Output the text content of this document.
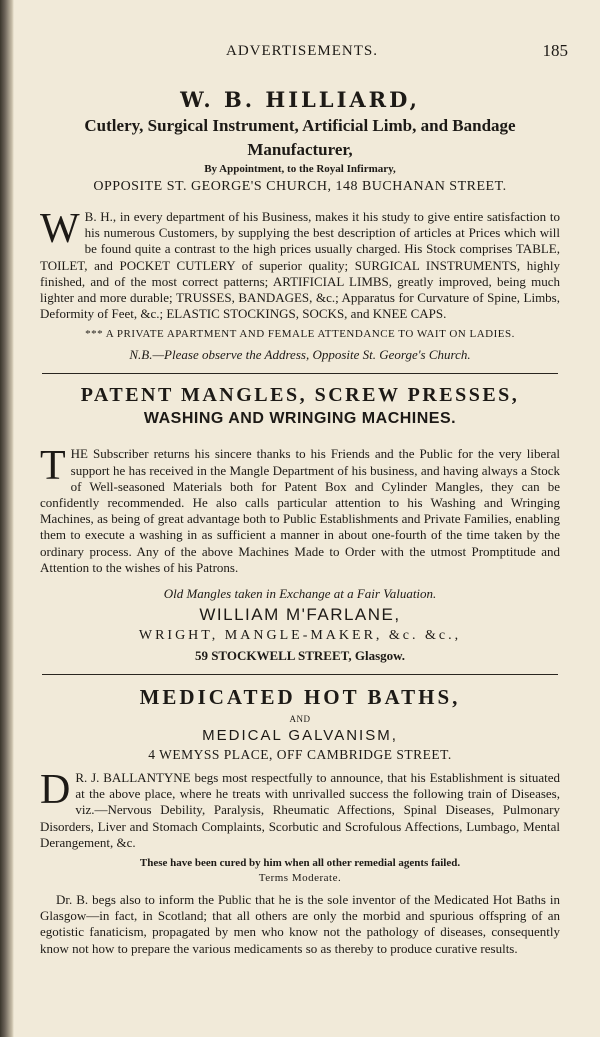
ADVERTISEMENTS.	185
W. B. HILLIARD,
Cutlery, Surgical Instrument, Artificial Limb, and Bandage
Manufacturer,
By Appointment, to the Royal Infirmary,
OPPOSITE ST. GEORGE'S CHURCH, 148 BUCHANAN STREET.
W B. H., in every department of his Business, makes it his study to give entire satisfaction to his numerous Customers, by supplying the best description of articles at Prices which will be found quite a contrast to the high prices usually charged. His Stock comprises TABLE, TOILET, and POCKET CUTLERY of superior quality; SURGICAL INSTRUMENTS, highly finished, and of the most correct patterns; ARTIFICIAL LIMBS, greatly improved, being much lighter and more durable; TRUSSES, BANDAGES, &c.; Apparatus for Curvature of Spine, Limbs, Deformity of Feet, &c.; ELASTIC STOCKINGS, SOCKS, and KNEE CAPS.
*** A PRIVATE APARTMENT AND FEMALE ATTENDANCE TO WAIT ON LADIES.
N.B.—Please observe the Address, Opposite St. George's Church.
PATENT MANGLES, SCREW PRESSES,
WASHING AND WRINGING MACHINES.
T HE Subscriber returns his sincere thanks to his Friends and the Public for the very liberal support he has received in the Mangle Department of his business, and having always a Stock of Well-seasoned Materials both for Patent Box and Cylinder Mangles, they can be confidently recommended. He also calls particular attention to his Washing and Wringing Machines, as being of great advantage both to Public Establishments and Private Families, enabling them to execute a washing in as sufficient a manner in about one-fourth of the time taken by the ordinary process. Any of the above Machines Made to Order with the utmost Promptitude and Attention to the wishes of his Patrons.
Old Mangles taken in Exchange at a Fair Valuation.
WILLIAM M'FARLANE,
WRIGHT, MANGLE-MAKER, &c. &c.,
59 STOCKWELL STREET, Glasgow.
MEDICATED HOT BATHS,
AND
MEDICAL GALVANISM,
4 WEMYSS PLACE, OFF CAMBRIDGE STREET.
D R. J. BALLANTYNE begs most respectfully to announce, that his Establishment is situated at the above place, where he treats with unrivalled success the following train of Diseases, viz.—Nervous Debility, Paralysis, Rheumatic Affections, Spinal Diseases, Pulmonary Disorders, Liver and Stomach Complaints, Scorbutic and Scrofulous Affections, Lumbago, Mental Derangement, &c.
These have been cured by him when all other remedial agents failed.
Terms Moderate.
Dr. B. begs also to inform the Public that he is the sole inventor of the Medicated Hot Baths in Glasgow—in fact, in Scotland; that all others are only the morbid and spurious offspring of an egotistic fanaticism, propagated by men who know not the pathology of diseases, consequently know not how to prepare the various medicaments so as thereby to produce curative results.
